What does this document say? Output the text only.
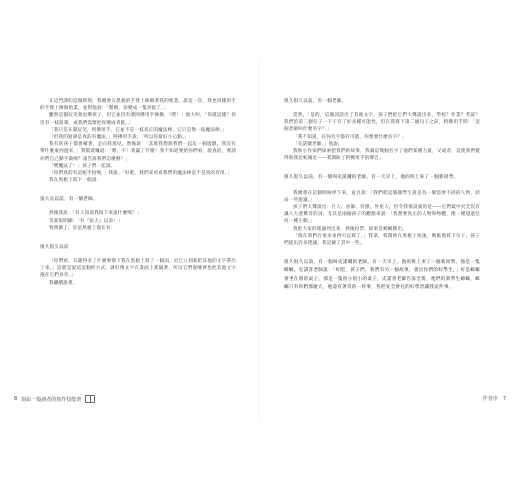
在這門課的這個時刻，我總會在黑板的手臂上揮舞著我的始業，說這一次，我也同樣用手的手臂上揮舞始業，並對他說：「嗯嗯，你變成一隻青蛙了。」

雖然這個玩笑會逗樂孩子，但它並沒有要阿佛用手揮舞，「嘿！」他大叫，「你就這樣？你沒有一枝鉛筆，或我們需要把你變成青蛙。」

「我只是在開玩笑，阿佛用手，它並不是一枝真正的魔法棒，它只是像一枝魔法棒。」

「但我的鉛筆是真的有魔法，」阿佛用手說，「所以你最好小心點。」

我有的孩子都會喊著，走向我那兒，然後說：「其實我想跟我們一起玩一個遊戲，我沒有帶什麼東西過來，」我假裝嚷道：「嗯，不！我贏了什麼！我不知道要給你們看，說真的，要請你們自己動手做嗎？請告訴我們怎麼辦？」

「嘿魔法了！」孩子們一起說。

「你們真的有這根手指嗎，」我說，「好吧，我們來看看我們的魔法棒是不是真的有用。」

我在黑板上寫下一個詞：

張大長以前，有一個老師。

然後我說：「有人知道我接下來說什麼嗎？」

答案很明顯：「有『張大』以前！」

我照做了，於是黑板上現在有：

很久很久以前

「你們看，有趣得多了什麼事情下我在黑板上寫了一個詞，近它立刻就把其他的文字帶出了來。」這就是說這這個的方式，就好像文字在書面上那個著，所以它們從哪裡也把其他文字拖在它們身旁。」

我繼續說著。

8 寫給一般讀者的寫作技能書

很久很久以前，有一個老師。

當然，「是的，這個詞語出了其他文字，孩子們把它們大聲說出來，學校？作業？考試？我們的第二個句子一下子有了好多種可能性，但在我寫下第二個句子之前，阿佛用手問：「這個老師叫什麼名字？」

「我不知道，任何名字都有可能，你想要什麼名字？」

「史諾爾老師，」他說。

我和小作家們探索把我們的故事，我調這幾個名字了他們某種力量，又或者，這使我們覺得和我比較親近——我期盼了阿佛用手的聲音。

很久很久以前，有一個叫史諾爾的老師。有一天早上，他的班上來了一個新同學。

我總會在這個時候停下來，並且說：「我們把這個開學生說是為一個需要不同的人物、結局一些建議。」

孩子們大聲說出：巨人、巫師、怪獸、外星人，但令我很訝異的是——它們最中究全沒有讓人大惑驚奇的詞，尤其是兩個孩子的觀點來說：「我想要真正的人物和物體，像一種超過任何一種小動。」

我把大家的建議列出來，然後投票，結果是蟑螂勝出。

「現在我們有很多東西可以寫了，」我拿，我開始在黑板上快速，興奮地寫下句子，孩子們提出許多建議，我記錄了其中一些。

很久很久以前，有一個叫史諾爾的老師。有一天早上，他的班上來了一個新同學。他是一隻蟑螂。史諾普老師說：「好吧，孩子們，我們有另一個故事，會出你們的好學生，」好是蟑螂會坐在窗的桌子，那是一隻很小很小的桌子，史諾普老師告訴全班，他們的新學生蟑螂，蟑螂只有你們那麼大，他還有著奇的一件事，各把先全會往的好學習讓我這件事。

作者序 7
